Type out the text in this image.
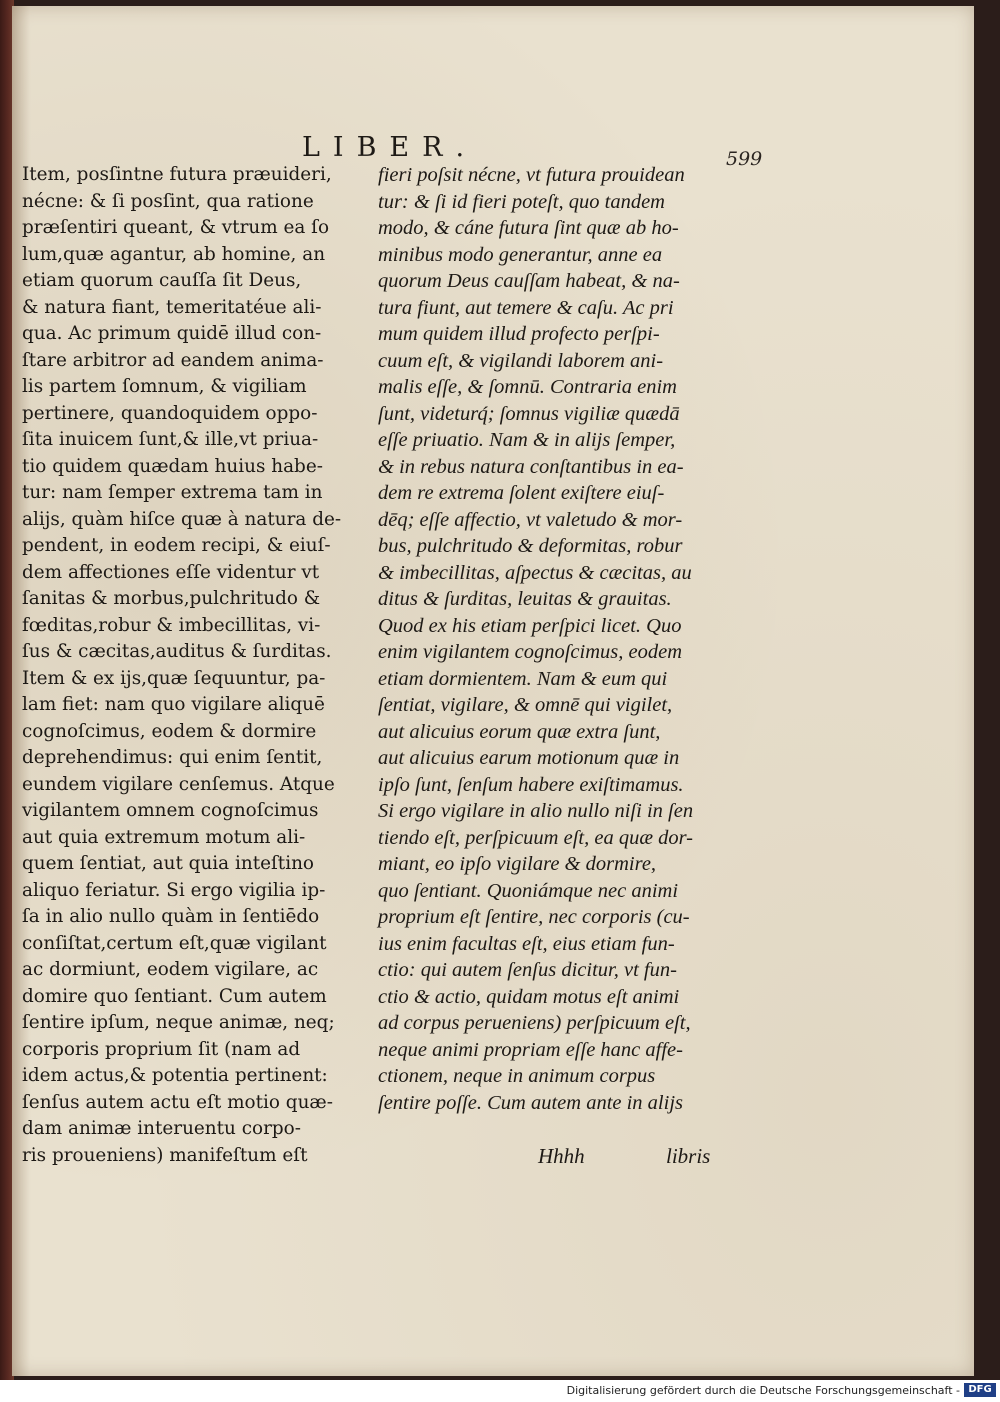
LIBER.	599
Item, posſintne futura præuideri,
nécne: & ſi posſint, qua ratione
præſentiri queant, & vtrum ea ſo
lum,quæ agantur, ab homine, an
etiam quorum cauſſa ſit Deus,
& natura fiant, temeritatéue ali-
qua. Ac primum quidē illud con-
ſtare arbitror ad eandem anima-
lis partem ſomnum, & vigiliam
pertinere, quandoquidem oppo-
ſita inuicem ſunt,& ille,vt priua-
tio quidem quædam huius habe-
tur: nam ſemper extrema tam in
alijs, quàm hiſce quæ à natura de-
pendent, in eodem recipi, & eiuſ-
dem affectiones eſſe videntur vt
ſanitas & morbus,pulchritudo &
fœditas,robur & imbecillitas, vi-
ſus & cæcitas,auditus & ſurditas.
Item & ex ijs,quæ ſequuntur, pa-
lam fiet: nam quo vigilare aliquē
cognoſcimus, eodem & dormire
deprehendimus: qui enim ſentit,
eundem vigilare cenſemus. Atque
vigilantem omnem cognoſcimus
aut quia extremum motum ali-
quem ſentiat, aut quia inteſtino
aliquo feriatur. Si ergo vigilia ip-
ſa in alio nullo quàm in ſentiēdo
conſiſtat,certum eſt,quæ vigilant
ac dormiunt, eodem vigilare, ac
domire quo ſentiant. Cum autem
ſentire ipſum, neque animæ, neq;
corporis proprium ſit (nam ad
idem actus,& potentia pertinent:
ſenſus autem actu eſt motio quæ-
dam animæ interuentu corpo-
ris proueniens) manifeſtum eſt
fieri poſsit nécne, vt futura prouidean
tur: & ſi id fieri poteſt, quo tandem
modo, & cáne futura ſint quæ ab ho-
minibus modo generantur, anne ea
quorum Deus cauſſam habeat, & na-
tura fiunt, aut temere & caſu. Ac pri
mum quidem illud profecto perſpi-
cuum eſt, & vigilandi laborem ani-
malis eſſe, & ſomnū. Contraria enim
ſunt, videturq́; ſomnus vigiliæ quædā
eſſe priuatio. Nam & in alijs ſemper,
& in rebus natura conſtantibus in ea-
dem re extrema ſolent exiſtere eiuſ-
dēq; eſſe affectio, vt valetudo & mor-
bus, pulchritudo & deformitas, robur
& imbecillitas, aſpectus & cæcitas, au
ditus & ſurditas, leuitas & grauitas.
Quod ex his etiam perſpici licet. Quo
enim vigilantem cognoſcimus, eodem
etiam dormientem. Nam & eum qui
ſentiat, vigilare, & omnē qui vigilet,
aut alicuius eorum quæ extra ſunt,
aut alicuius earum motionum quæ in
ipſo ſunt, ſenſum habere exiſtimamus.
Si ergo vigilare in alio nullo niſi in ſen
tiendo eſt, perſpicuum eſt, ea quæ dor-
miant, eo ipſo vigilare & dormire,
quo ſentiant. Quoniámque nec animi
proprium eſt ſentire, nec corporis (cu-
ius enim facultas eſt, eius etiam fun-
ctio: qui autem ſenſus dicitur, vt fun-
ctio & actio, quidam motus eſt animi
ad corpus perueniens) perſpicuum eſt,
neque animi propriam eſſe hanc affe-
ctionem, neque in animum corpus
ſentire poſſe. Cum autem ante in alijs
Hhhh	libris
Digitalisierung gefördert durch die Deutsche Forschungsgemeinschaft - DFG
